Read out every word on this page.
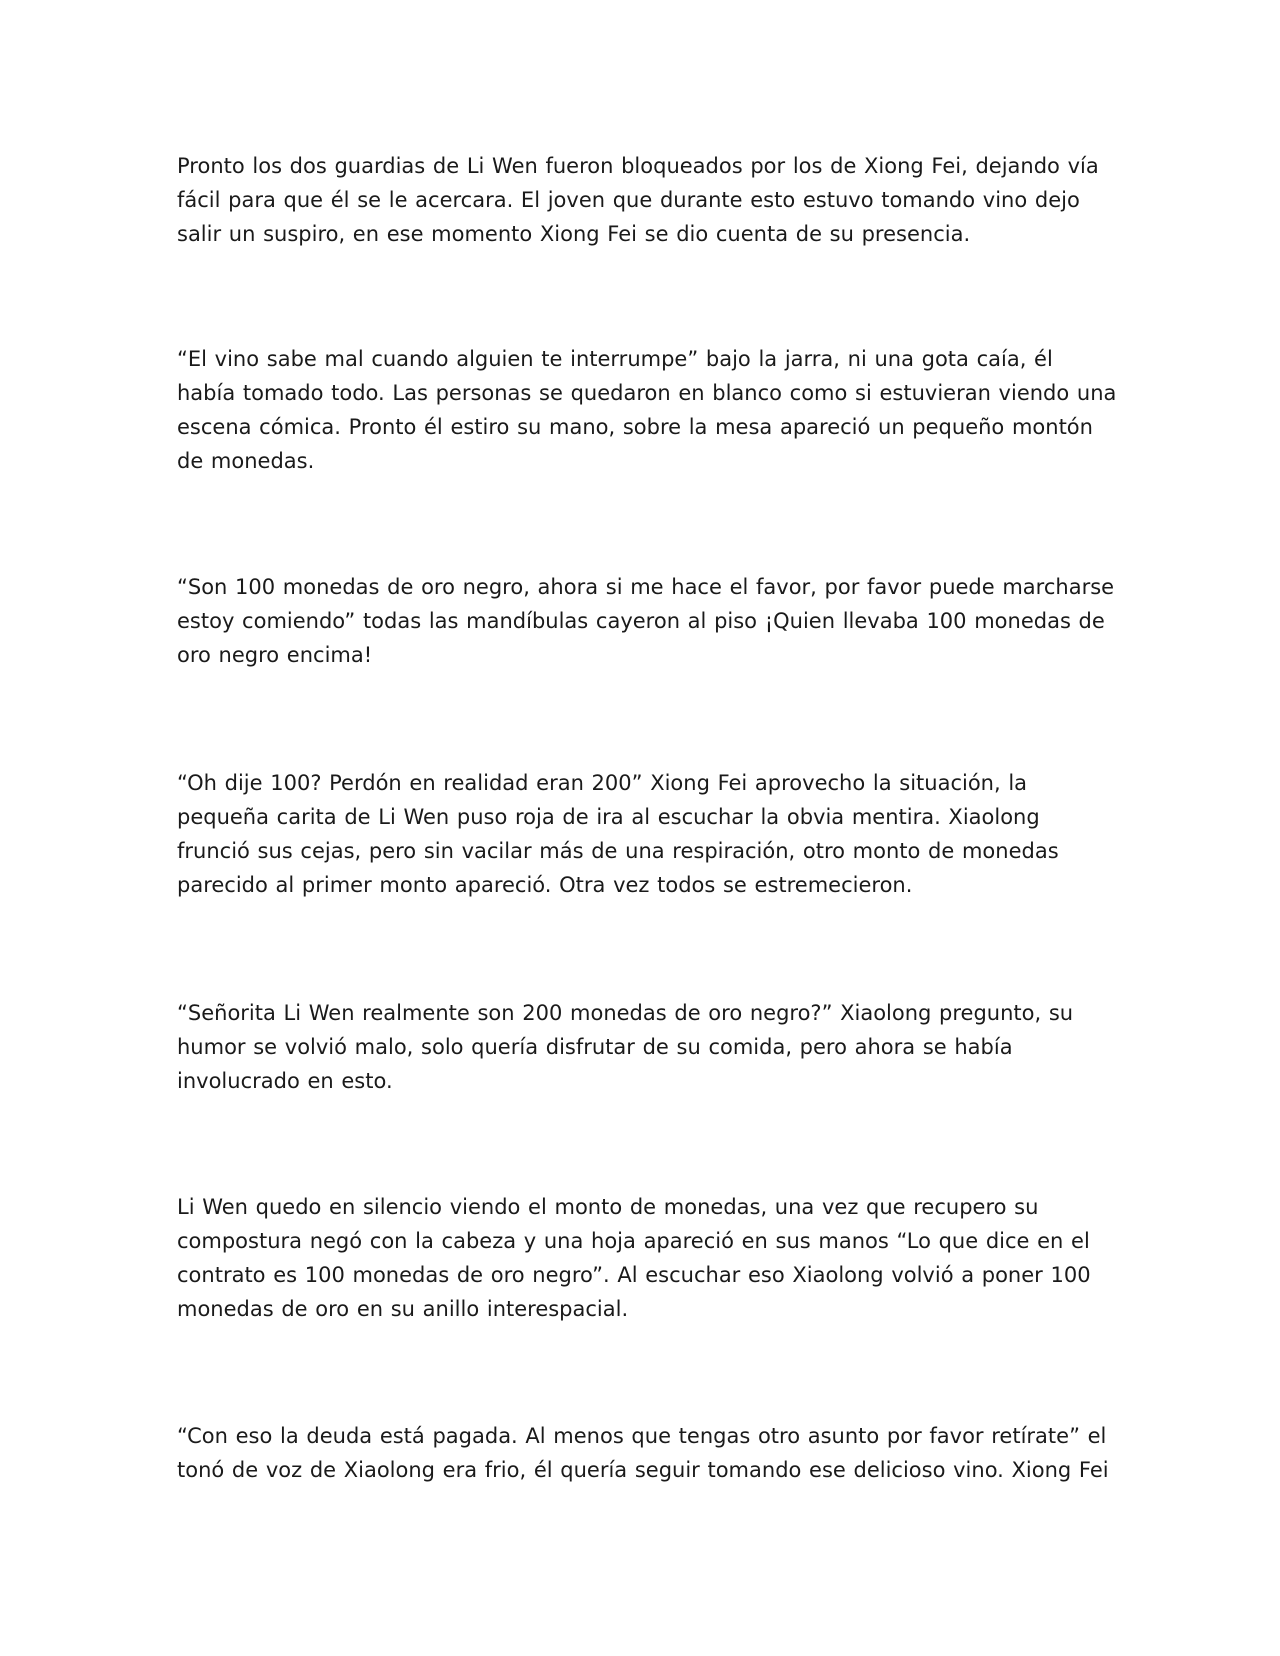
Pronto los dos guardias de Li Wen fueron bloqueados por los de Xiong Fei, dejando vía fácil para que él se le acercara. El joven que durante esto estuvo tomando vino dejo salir un suspiro, en ese momento Xiong Fei se dio cuenta de su presencia.

“El vino sabe mal cuando alguien te interrumpe” bajo la jarra, ni una gota caía, él había tomado todo. Las personas se quedaron en blanco como si estuvieran viendo una escena cómica. Pronto él estiro su mano, sobre la mesa apareció un pequeño montón de monedas.

“Son 100 monedas de oro negro, ahora si me hace el favor, por favor puede marcharse estoy comiendo” todas las mandíbulas cayeron al piso ¡Quien llevaba 100 monedas de oro negro encima!

“Oh dije 100? Perdón en realidad eran 200” Xiong Fei aprovecho la situación, la pequeña carita de Li Wen puso roja de ira al escuchar la obvia mentira. Xiaolong frunció sus cejas, pero sin vacilar más de una respiración, otro monto de monedas parecido al primer monto apareció. Otra vez todos se estremecieron.

“Señorita Li Wen realmente son 200 monedas de oro negro?” Xiaolong pregunto, su humor se volvió malo, solo quería disfrutar de su comida, pero ahora se había involucrado en esto.

Li Wen quedo en silencio viendo el monto de monedas, una vez que recupero su compostura negó con la cabeza y una hoja apareció en sus manos “Lo que dice en el contrato es 100 monedas de oro negro”. Al escuchar eso Xiaolong volvió a poner 100 monedas de oro en su anillo interespacial.

“Con eso la deuda está pagada. Al menos que tengas otro asunto por favor retírate” el tonó de voz de Xiaolong era frio, él quería seguir tomando ese delicioso vino. Xiong Fei
